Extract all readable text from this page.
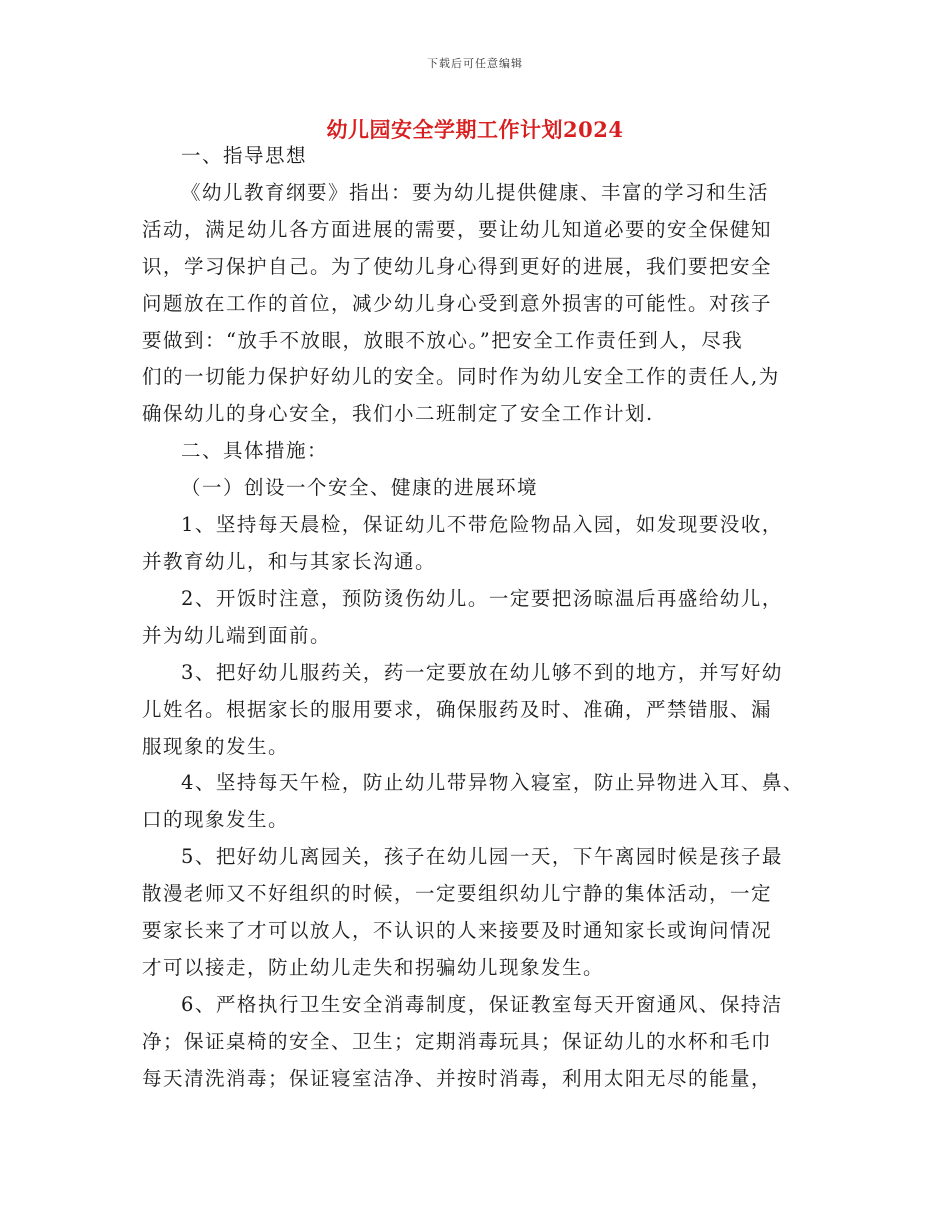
下载后可任意编辑
幼儿园安全学期工作计划2024

一、指导思想

《幼儿教育纲要》指出：要为幼儿提供健康、丰富的学习和生活
活动，满足幼儿各方面进展的需要，要让幼儿知道必要的安全保健知
识，学习保护自己。为了使幼儿身心得到更好的进展，我们要把安全
问题放在工作的首位，减少幼儿身心受到意外损害的可能性。对孩子
要做到：“放手不放眼，放眼不放心。”把安全工作责任到人，尽我
们的一切能力保护好幼儿的安全。同时作为幼儿安全工作的责任人,为
确保幼儿的身心安全，我们小二班制定了安全工作计划.

二、具体措施：

（一）创设一个安全、健康的进展环境

1、坚持每天晨检，保证幼儿不带危险物品入园，如发现要没收，
并教育幼儿，和与其家长沟通。

2、开饭时注意，预防烫伤幼儿。一定要把汤晾温后再盛给幼儿，
并为幼儿端到面前。

3、把好幼儿服药关，药一定要放在幼儿够不到的地方，并写好幼
儿姓名。根据家长的服用要求，确保服药及时、准确，严禁错服、漏
服现象的发生。

4、坚持每天午检，防止幼儿带异物入寝室，防止异物进入耳、鼻、
口的现象发生。

5、把好幼儿离园关，孩子在幼儿园一天，下午离园时候是孩子最
散漫老师又不好组织的时候，一定要组织幼儿宁静的集体活动，一定
要家长来了才可以放人，不认识的人来接要及时通知家长或询问情况
才可以接走，防止幼儿走失和拐骗幼儿现象发生。

6、严格执行卫生安全消毒制度，保证教室每天开窗通风、保持洁
净；保证桌椅的安全、卫生；定期消毒玩具；保证幼儿的水杯和毛巾
每天清洗消毒；保证寝室洁净、并按时消毒，利用太阳无尽的能量，
